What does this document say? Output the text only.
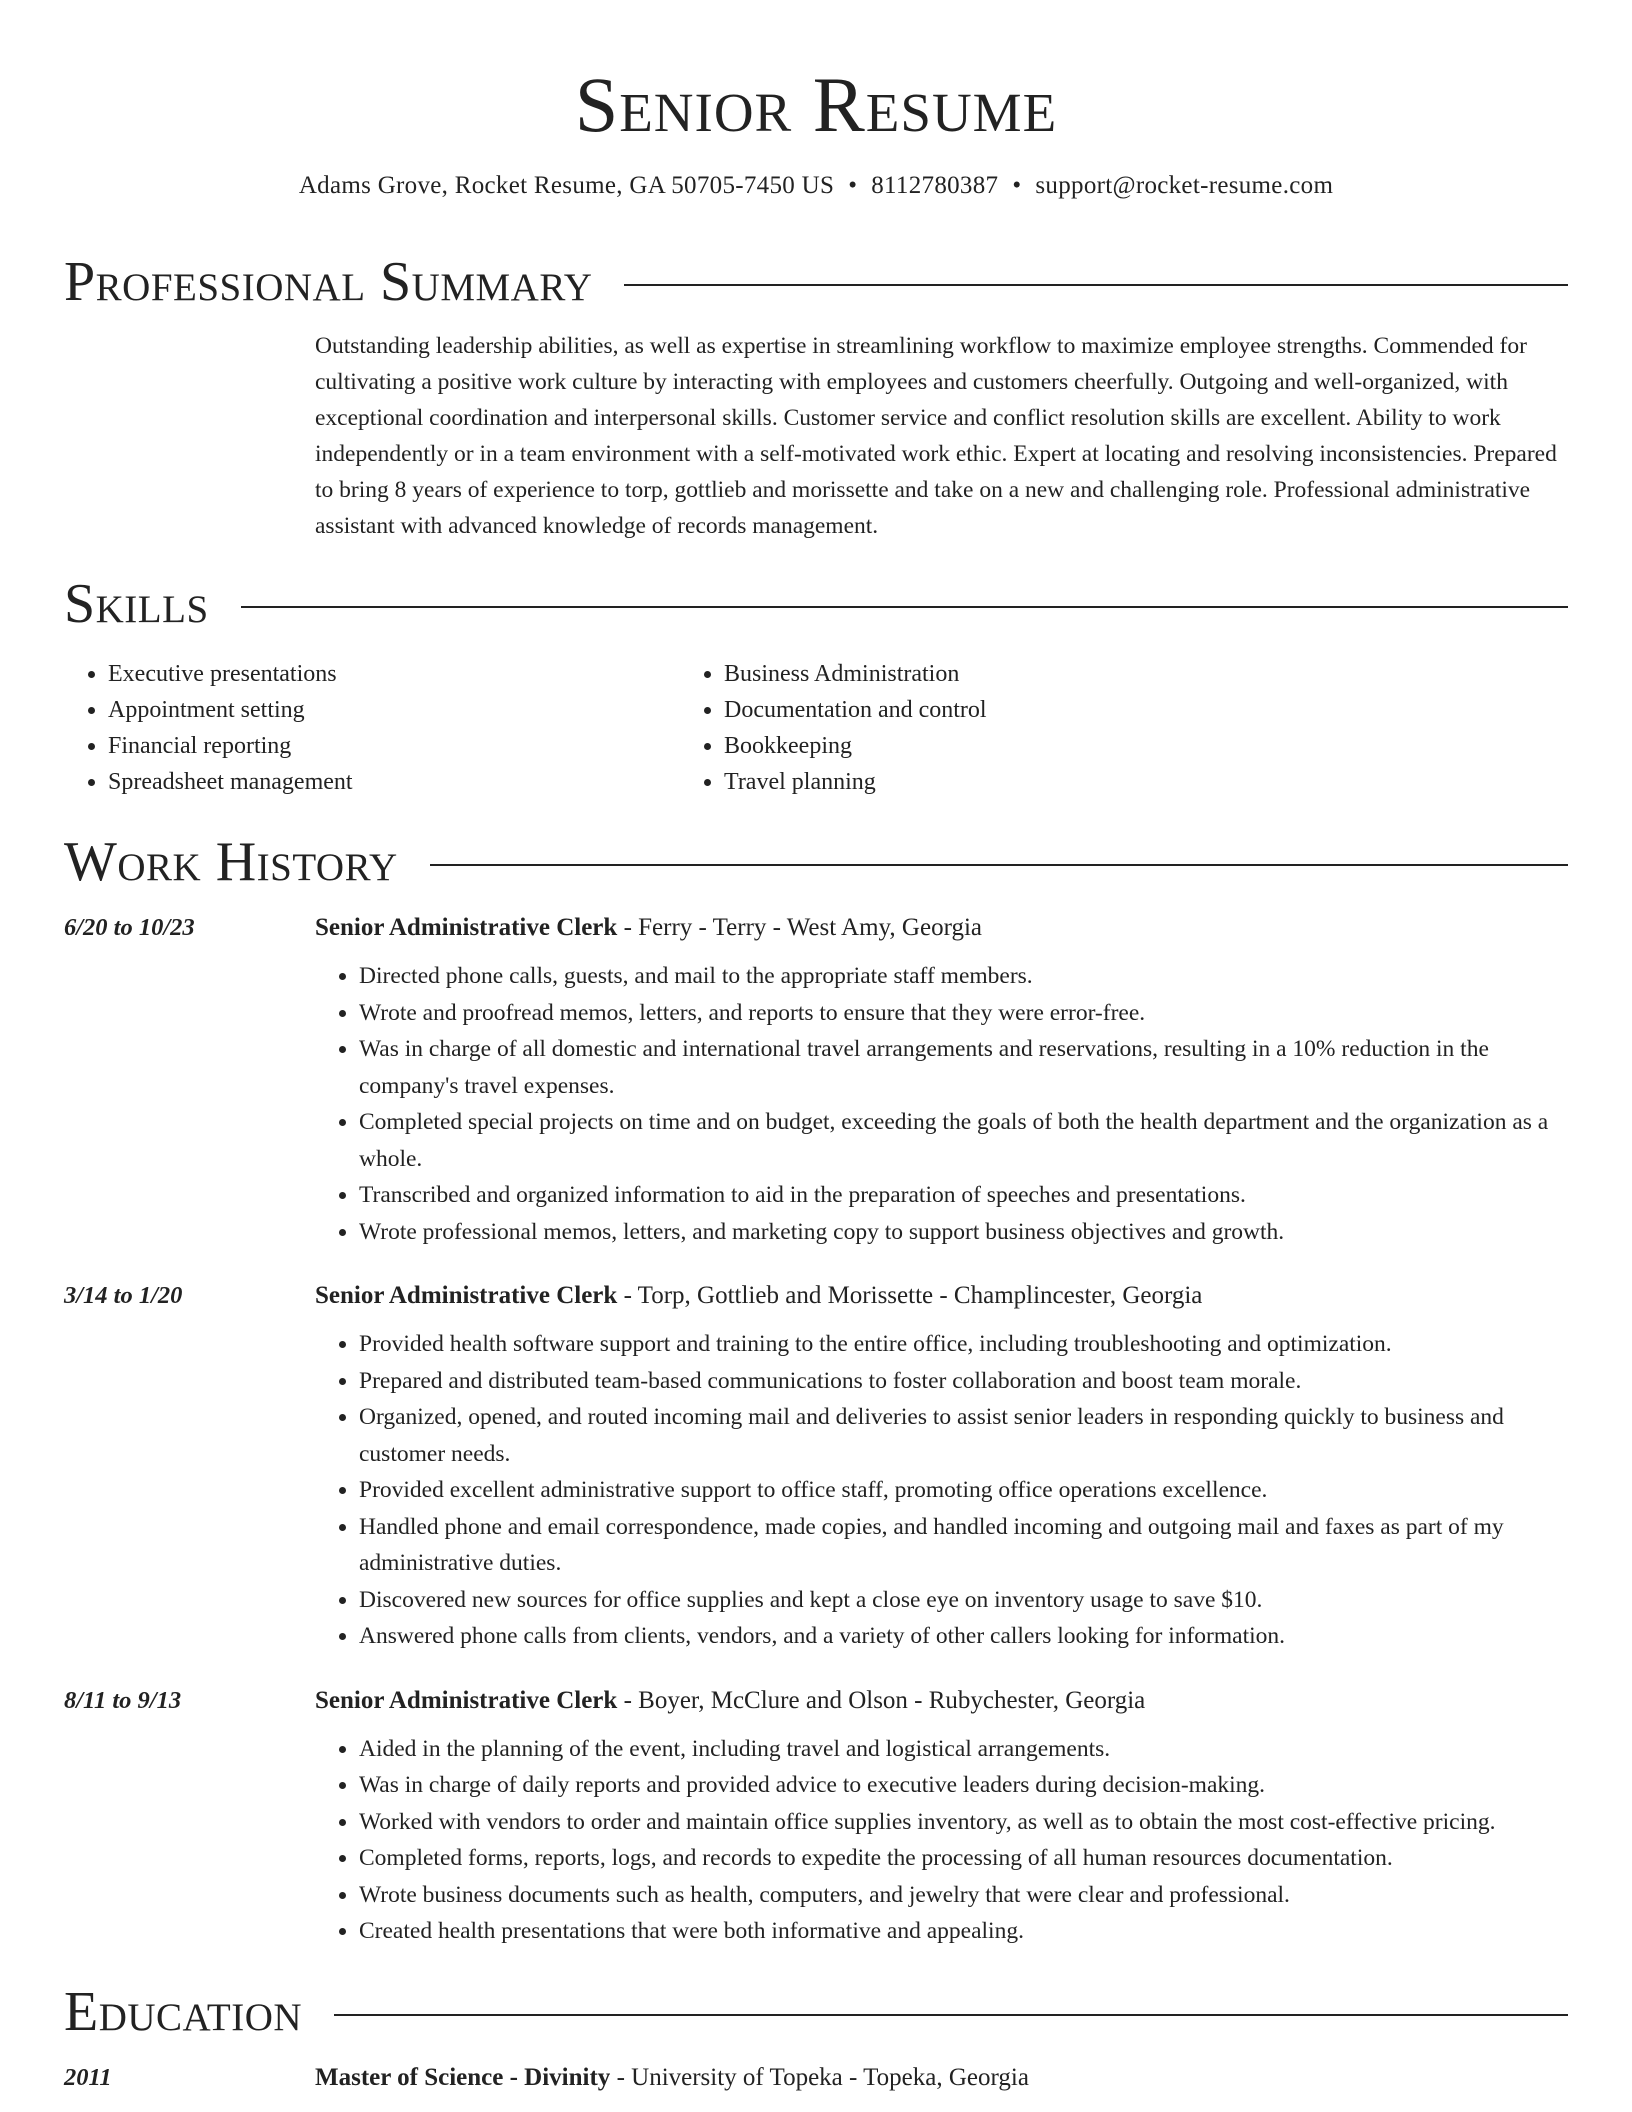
Senior Resume
Adams Grove, Rocket Resume, GA 50705-7450 US • 8112780387 • support@rocket-resume.com
Professional Summary

Outstanding leadership abilities, as well as expertise in streamlining workflow to maximize employee strengths. Commended for cultivating a positive work culture by interacting with employees and customers cheerfully. Outgoing and well-organized, with exceptional coordination and interpersonal skills. Customer service and conflict resolution skills are excellent. Ability to work independently or in a team environment with a self-motivated work ethic. Expert at locating and resolving inconsistencies. Prepared to bring 8 years of experience to torp, gottlieb and morissette and take on a new and challenging role. Professional administrative assistant with advanced knowledge of records management.

Skills
• Executive presentations
• Appointment setting
• Financial reporting
• Spreadsheet management
• Business Administration
• Documentation and control
• Bookkeeping
• Travel planning
Work History
6/20 to 10/23	Senior Administrative Clerk - Ferry - Terry - West Amy, Georgia
• Directed phone calls, guests, and mail to the appropriate staff members.
• Wrote and proofread memos, letters, and reports to ensure that they were error-free.
• Was in charge of all domestic and international travel arrangements and reservations, resulting in a 10% reduction in the company's travel expenses.
• Completed special projects on time and on budget, exceeding the goals of both the health department and the organization as a whole.
• Transcribed and organized information to aid in the preparation of speeches and presentations.
• Wrote professional memos, letters, and marketing copy to support business objectives and growth.
3/14 to 1/20	Senior Administrative Clerk - Torp, Gottlieb and Morissette - Champlincester, Georgia
• Provided health software support and training to the entire office, including troubleshooting and optimization.
• Prepared and distributed team-based communications to foster collaboration and boost team morale.
• Organized, opened, and routed incoming mail and deliveries to assist senior leaders in responding quickly to business and customer needs.
• Provided excellent administrative support to office staff, promoting office operations excellence.
• Handled phone and email correspondence, made copies, and handled incoming and outgoing mail and faxes as part of my administrative duties.
• Discovered new sources for office supplies and kept a close eye on inventory usage to save $10.
• Answered phone calls from clients, vendors, and a variety of other callers looking for information.
8/11 to 9/13	Senior Administrative Clerk - Boyer, McClure and Olson - Rubychester, Georgia
• Aided in the planning of the event, including travel and logistical arrangements.
• Was in charge of daily reports and provided advice to executive leaders during decision-making.
• Worked with vendors to order and maintain office supplies inventory, as well as to obtain the most cost-effective pricing.
• Completed forms, reports, logs, and records to expedite the processing of all human resources documentation.
• Wrote business documents such as health, computers, and jewelry that were clear and professional.
• Created health presentations that were both informative and appealing.
Education
2011	Master of Science - Divinity - University of Topeka - Topeka, Georgia
